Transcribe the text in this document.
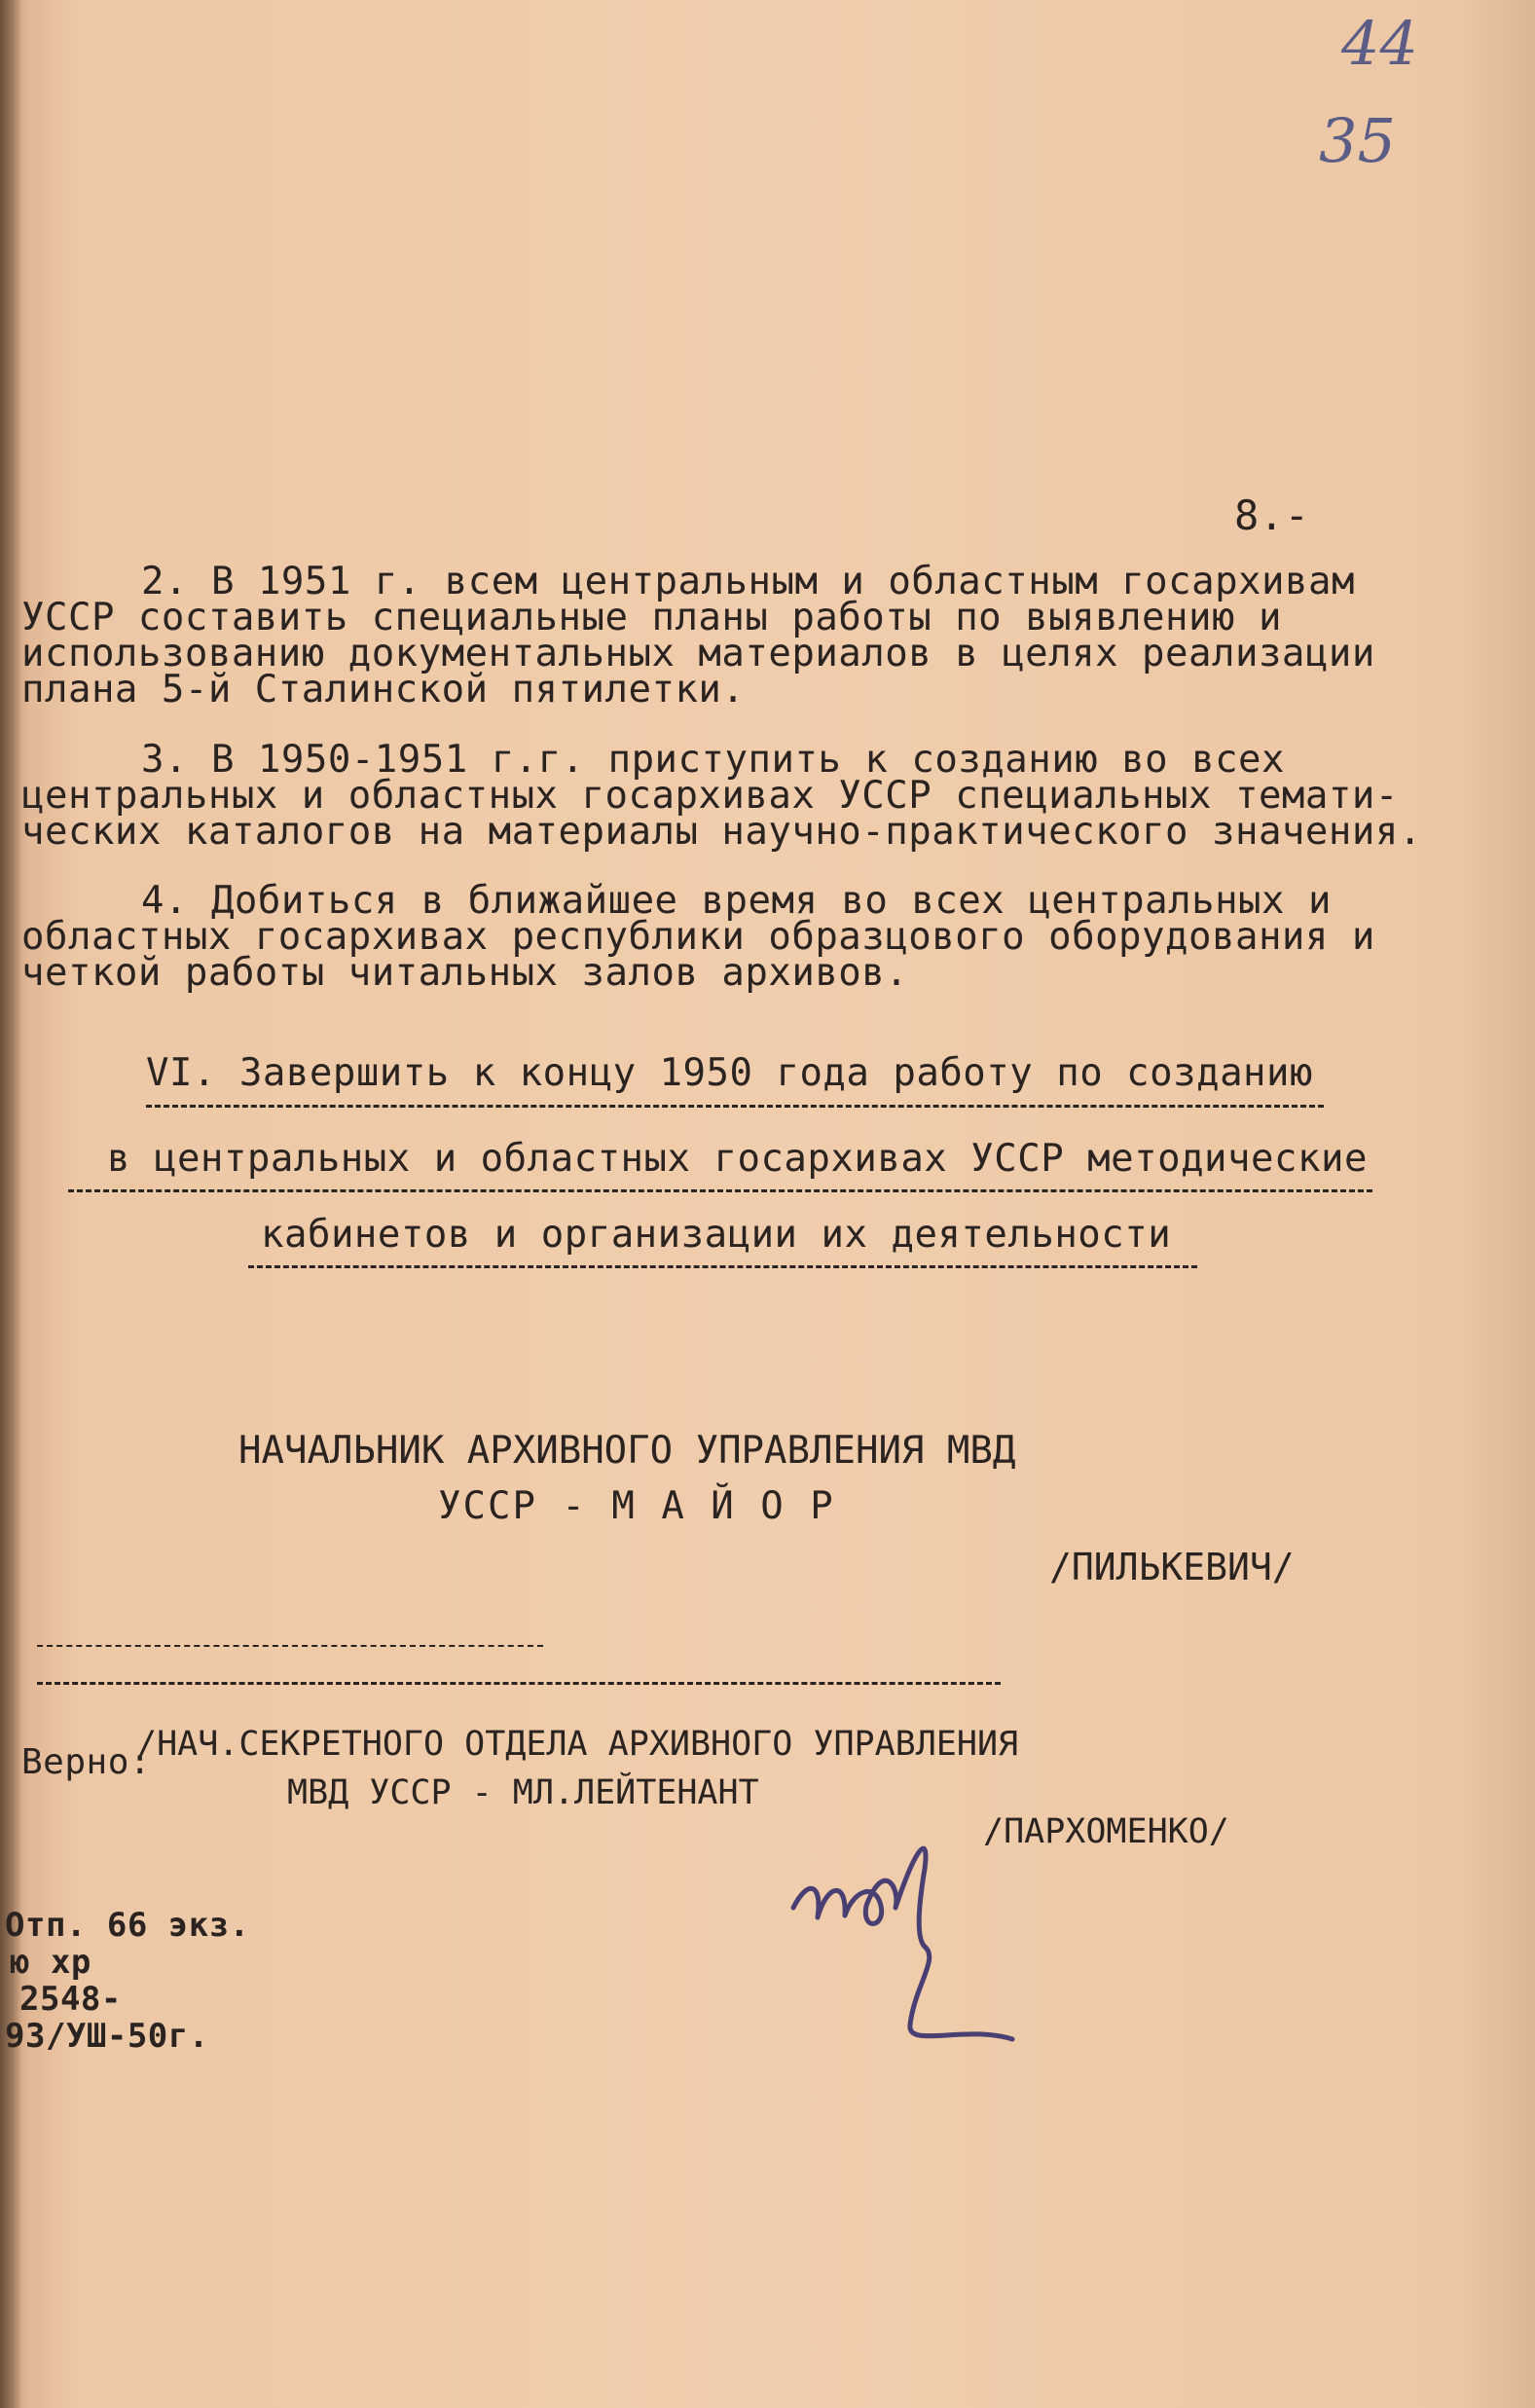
44
35
8.-
2. В 1951 г. всем центральным и областным госархивам
УССР составить специальные планы работы по выявлению и
использованию документальных материалов в целях реализации
плана 5-й Сталинской пятилетки.
3. В 1950-1951 г.г. приступить к созданию во всех
центральных и областных госархивах УССР специальных темати-
ческих каталогов на материалы научно-практического значения.
4. Добиться в ближайшее время во всех центральных и
областных госархивах республики образцового оборудования и
четкой работы читальных залов архивов.
VI. Завершить к концу 1950 года работу по созданию
в центральных и областных госархивах УССР методические
кабинетов и организации их деятельности
НАЧАЛЬНИК АРХИВНОГО УПРАВЛЕНИЯ МВД
УССР - М А Й О Р
/ПИЛЬКЕВИЧ/
Верно:
/НАЧ.СЕКРЕТНОГО ОТДЕЛА АРХИВНОГО УПРАВЛЕНИЯ
МВД УССР - МЛ.ЛЕЙТЕНАНТ
/ПАРХОМЕНКО/
Отп. 66 экз.
ю хр
2548-
93/УШ-50г.
